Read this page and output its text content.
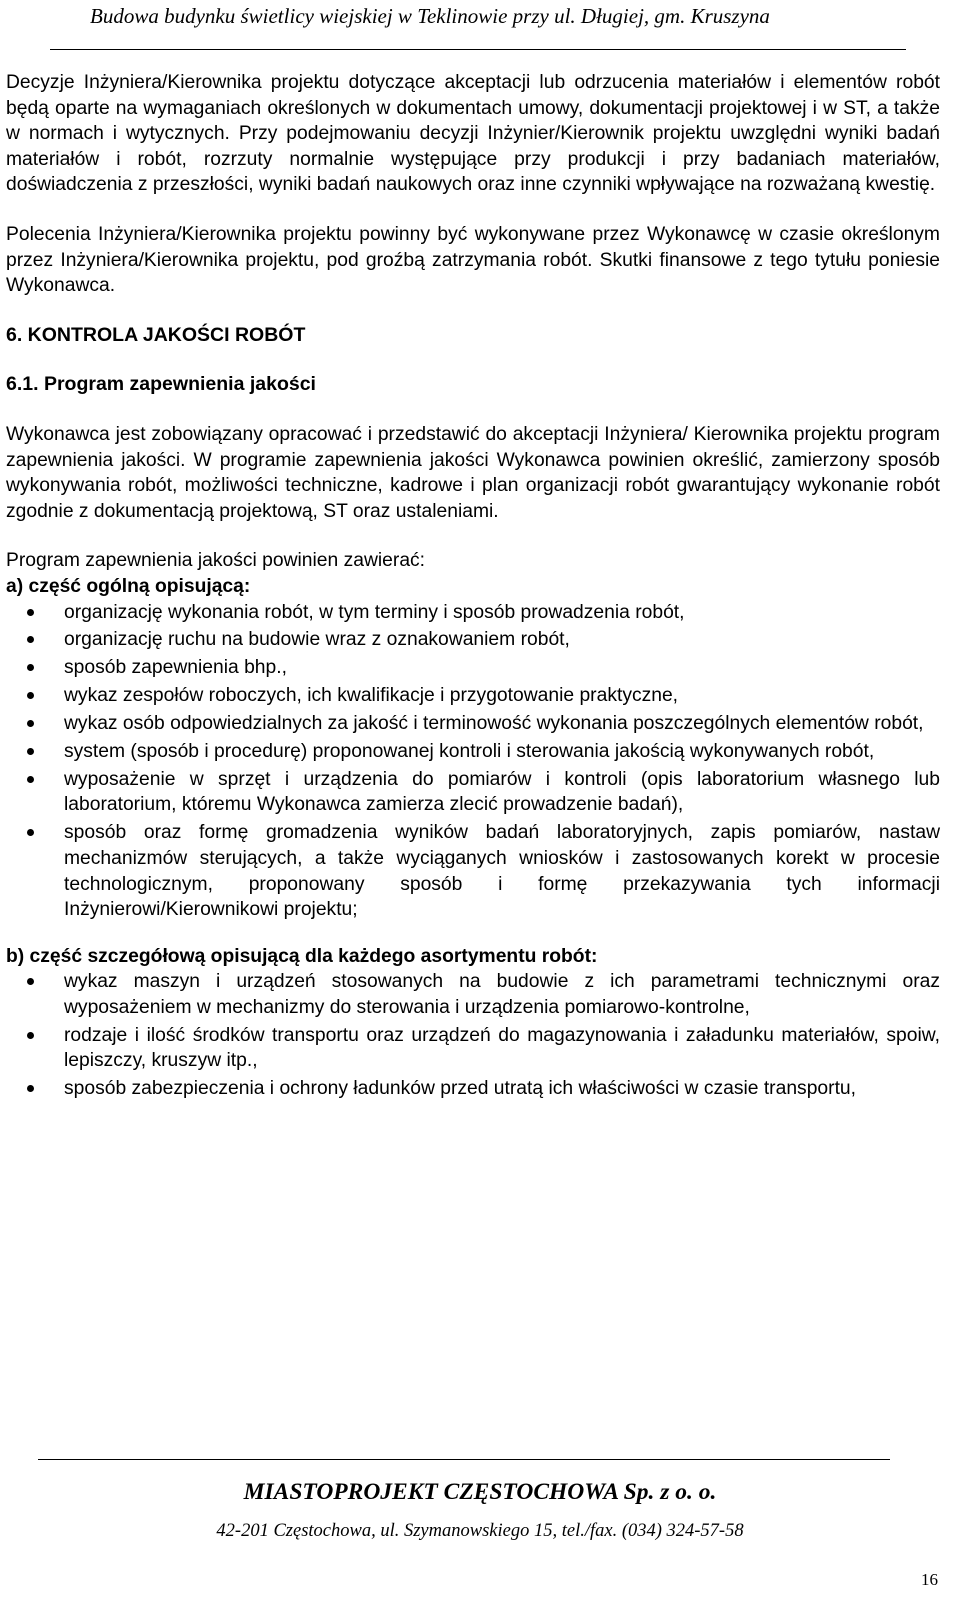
Budowa budynku świetlicy wiejskiej w Teklinowie przy ul. Długiej, gm. Kruszyna

Decyzje Inżyniera/Kierownika projektu dotyczące akceptacji lub odrzucenia materiałów i elementów robót będą oparte na wymaganiach określonych w dokumentach umowy, dokumentacji projektowej i w ST, a także w normach i wytycznych. Przy podejmowaniu decyzji Inżynier/Kierownik projektu uwzględni wyniki badań materiałów i robót, rozrzuty normalnie występujące przy produkcji i przy badaniach materiałów, doświadczenia z przeszłości, wyniki badań naukowych oraz inne czynniki wpływające na rozważaną kwestię.

Polecenia Inżyniera/Kierownika projektu powinny być wykonywane przez Wykonawcę w czasie określonym przez Inżyniera/Kierownika projektu, pod groźbą zatrzymania robót. Skutki finansowe z tego tytułu poniesie Wykonawca.

6. KONTROLA JAKOŚCI ROBÓT

6.1. Program zapewnienia jakości

Wykonawca jest zobowiązany opracować i przedstawić do akceptacji Inżyniera/ Kierownika projektu program zapewnienia jakości. W programie zapewnienia jakości Wykonawca powinien określić, zamierzony sposób wykonywania robót, możliwości techniczne, kadrowe i plan organizacji robót gwarantujący wykonanie robót zgodnie z dokumentacją projektową, ST oraz ustaleniami.

Program zapewnienia jakości powinien zawierać:

a) część ogólną opisującą:

organizację wykonania robót, w tym terminy i sposób prowadzenia robót,
organizację ruchu na budowie wraz z oznakowaniem robót,
sposób zapewnienia bhp.,
wykaz zespołów roboczych, ich kwalifikacje i przygotowanie praktyczne,
wykaz osób odpowiedzialnych za jakość i terminowość wykonania poszczególnych elementów robót,
system (sposób i procedurę) proponowanej kontroli i sterowania jakością wykonywanych robót,
wyposażenie w sprzęt i urządzenia do pomiarów i kontroli (opis laboratorium własnego lub laboratorium, któremu Wykonawca zamierza zlecić prowadzenie badań),
sposób oraz formę gromadzenia wyników badań laboratoryjnych, zapis pomiarów, nastaw mechanizmów sterujących, a także wyciąganych wniosków i zastosowanych korekt w procesie technologicznym, proponowany sposób i formę przekazywania tych informacji Inżynierowi/Kierownikowi projektu;

b) część szczegółową opisującą dla każdego asortymentu robót:

wykaz maszyn i urządzeń stosowanych na budowie z ich parametrami technicznymi oraz wyposażeniem w mechanizmy do sterowania i urządzenia pomiarowo-kontrolne,
rodzaje i ilość środków transportu oraz urządzeń do magazynowania i załadunku materiałów, spoiw, lepiszczy, kruszyw itp.,
sposób zabezpieczenia i ochrony ładunków przed utratą ich właściwości w czasie transportu,
MIASTOPROJEKT CZĘSTOCHOWA Sp. z o. o.
42-201 Częstochowa, ul. Szymanowskiego 15, tel./fax. (034) 324-57-58
16
